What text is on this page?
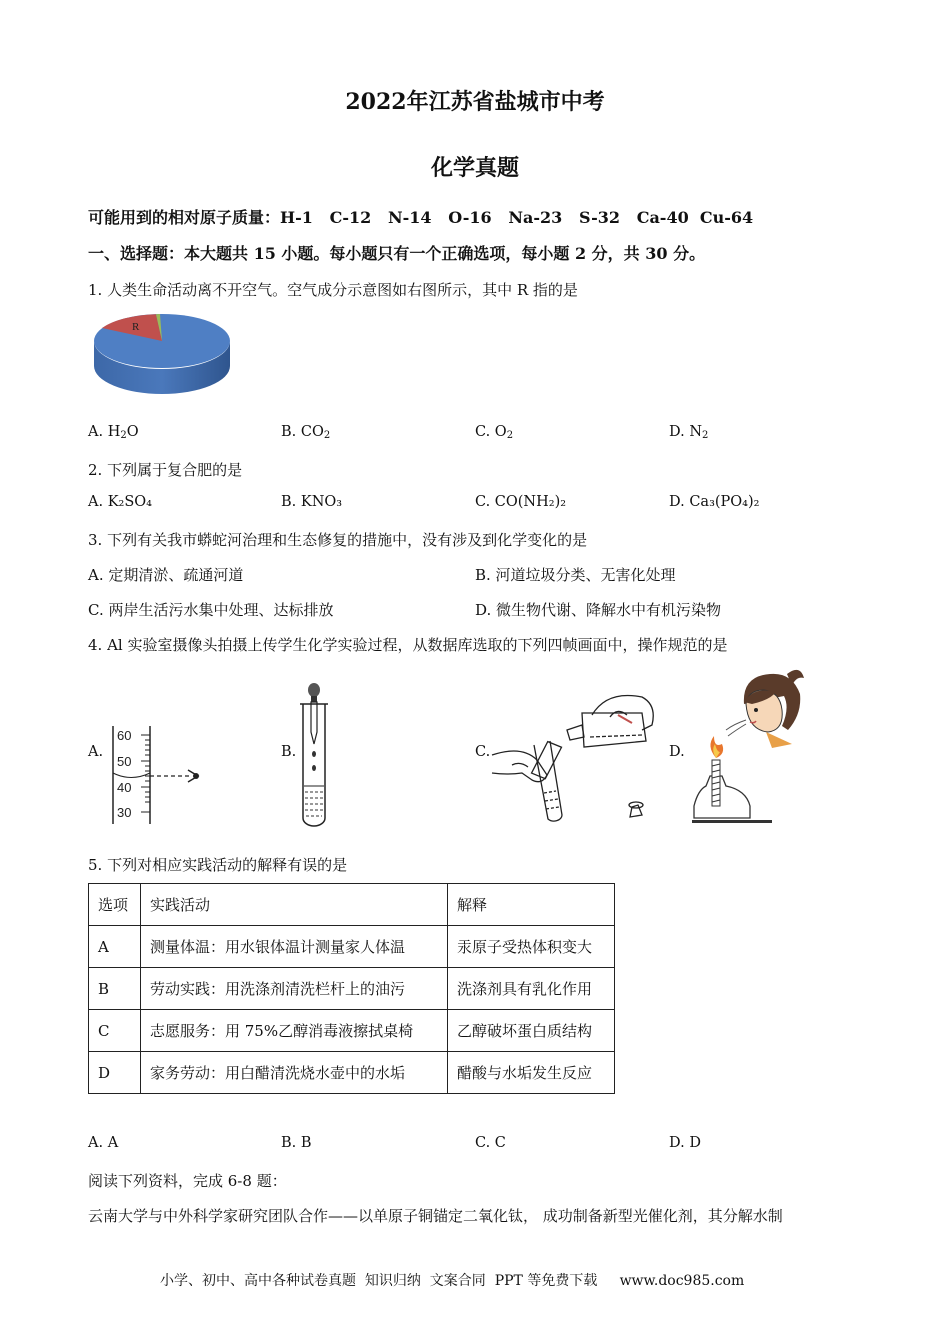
2022年江苏省盐城市中考
化学真题
可能用到的相对原子质量：H-1   C-12   N-14   O-16   Na-23   S-32   Ca-40  Cu-64
一、选择题：本大题共 15 小题。每小题只有一个正确选项，每小题 2 分，共 30 分。
1. 人类生命活动离不开空气。空气成分示意图如右图所示，其中 R 指的是
R
A. $H_2O$	B. $CO_2$	C. $O_2$	D. $N_2$
2. 下列属于复合肥的是
A. K₂SO₄	B. KNO₃	C. CO(NH₂)₂	D. Ca₃(PO₄)₂
3. 下列有关我市蟒蛇河治理和生态修复的措施中，没有涉及到化学变化的是
A. 定期清淤、疏通河道	B. 河道垃圾分类、无害化处理
C. 两岸生活污水集中处理、达标排放	D. 微生物代谢、降解水中有机污染物
4. Al 实验室摄像头拍摄上传学生化学实验过程，从数据库选取的下列四帧画面中，操作规范的是
A.
60
50
40
30
B.	C.	D.
5. 下列对相应实践活动的解释有误的是
选项	实践活动	解释
A	测量体温：用水银体温计测量家人体温	汞原子受热体积变大
B	劳动实践：用洗涤剂清洗栏杆上的油污	洗涤剂具有乳化作用
C	志愿服务：用 75%乙醇消毒液擦拭桌椅	乙醇破坏蛋白质结构
D	家务劳动：用白醋清洗烧水壶中的水垢	醋酸与水垢发生反应
A. A	B. B	C. C	D. D
阅读下列资料，完成 6-8 题：
云南大学与中外科学家研究团队合作——以单原子铜锚定二氧化钛， 成功制备新型光催化剂，其分解水制
小学、初中、高中各种试卷真题  知识归纳  文案合同  PPT 等免费下载     www.doc985.com
